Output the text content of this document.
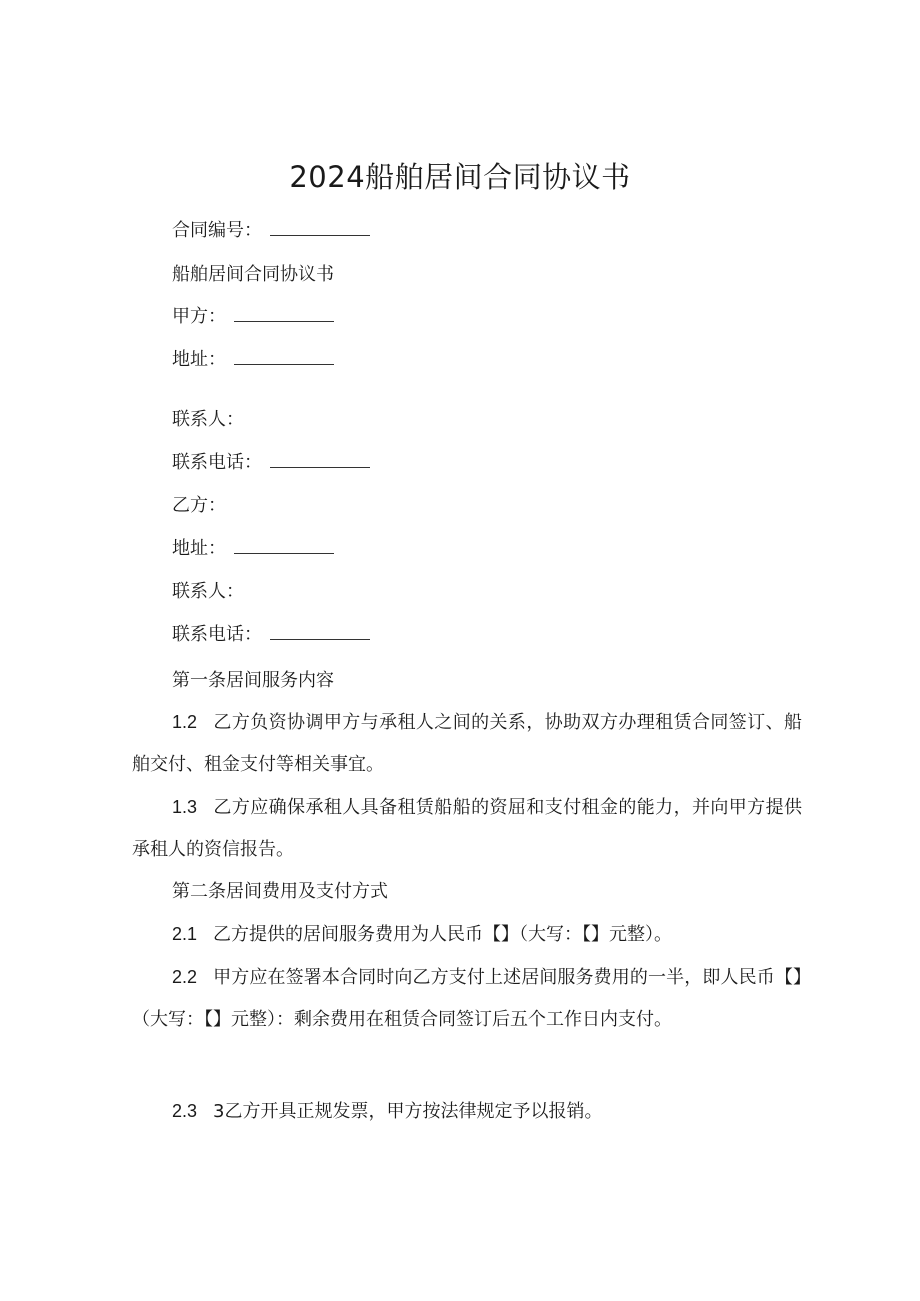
2024船舶居间合同协议书
合同编号：
船舶居间合同协议书
甲方：
地址：
联系人：
联系电话：
乙方：
地址：
联系人：
联系电话：
第一条居间服务内容
1.2 乙方负资协调甲方与承租人之间的关系，协助双方办理租赁合同签订、船舶交付、租金支付等相关事宜。
1.3 乙方应确保承租人具备租赁船船的资屈和支付租金的能力，并向甲方提供承租人的资信报告。
第二条居间费用及支付方式
2.1 乙方提供的居间服务费用为人民币【】（大写：【】元整）。
2.2 甲方应在签署本合同时向乙方支付上述居间服务费用的一半，即人民币【】（大写：【】元整）：剩余费用在租赁合同签订后五个工作日内支付。
2.3 3乙方开具正规发票，甲方按法律规定予以报销。
